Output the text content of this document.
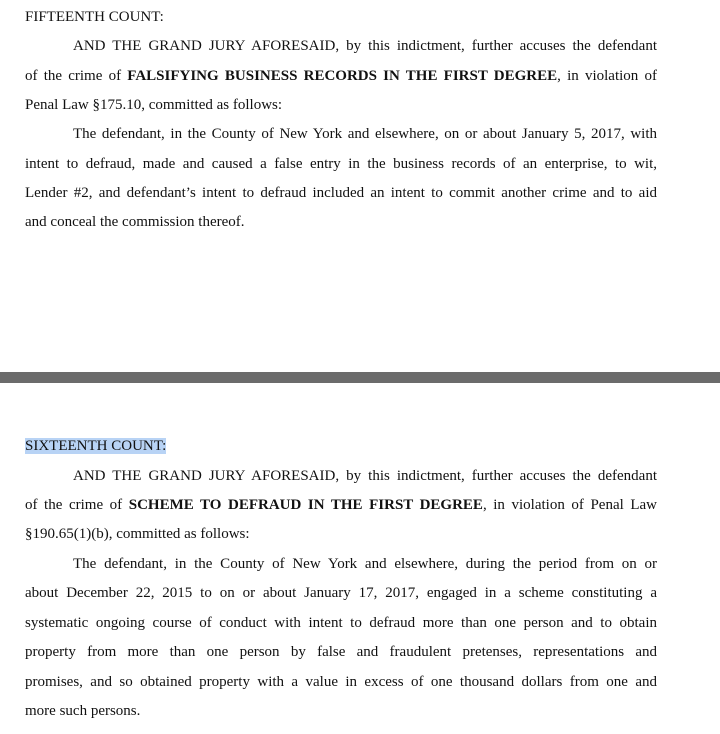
FIFTEENTH COUNT:
AND THE GRAND JURY AFORESAID, by this indictment, further accuses the defendant
of the crime of FALSIFYING BUSINESS RECORDS IN THE FIRST DEGREE, in violation of
Penal Law §175.10, committed as follows:
The defendant, in the County of New York and elsewhere, on or about January 5, 2017, with
intent to defraud, made and caused a false entry in the business records of an enterprise, to wit,
Lender #2, and defendant’s intent to defraud included an intent to commit another crime and to aid
and conceal the commission thereof.
SIXTEENTH COUNT:
AND THE GRAND JURY AFORESAID, by this indictment, further accuses the defendant
of the crime of SCHEME TO DEFRAUD IN THE FIRST DEGREE, in violation of Penal Law
§190.65(1)(b), committed as follows:
The defendant, in the County of New York and elsewhere, during the period from on or
about December 22, 2015 to on or about January 17, 2017, engaged in a scheme constituting a
systematic ongoing course of conduct with intent to defraud more than one person and to obtain
property from more than one person by false and fraudulent pretenses, representations and
promises, and so obtained property with a value in excess of one thousand dollars from one and
more such persons.
